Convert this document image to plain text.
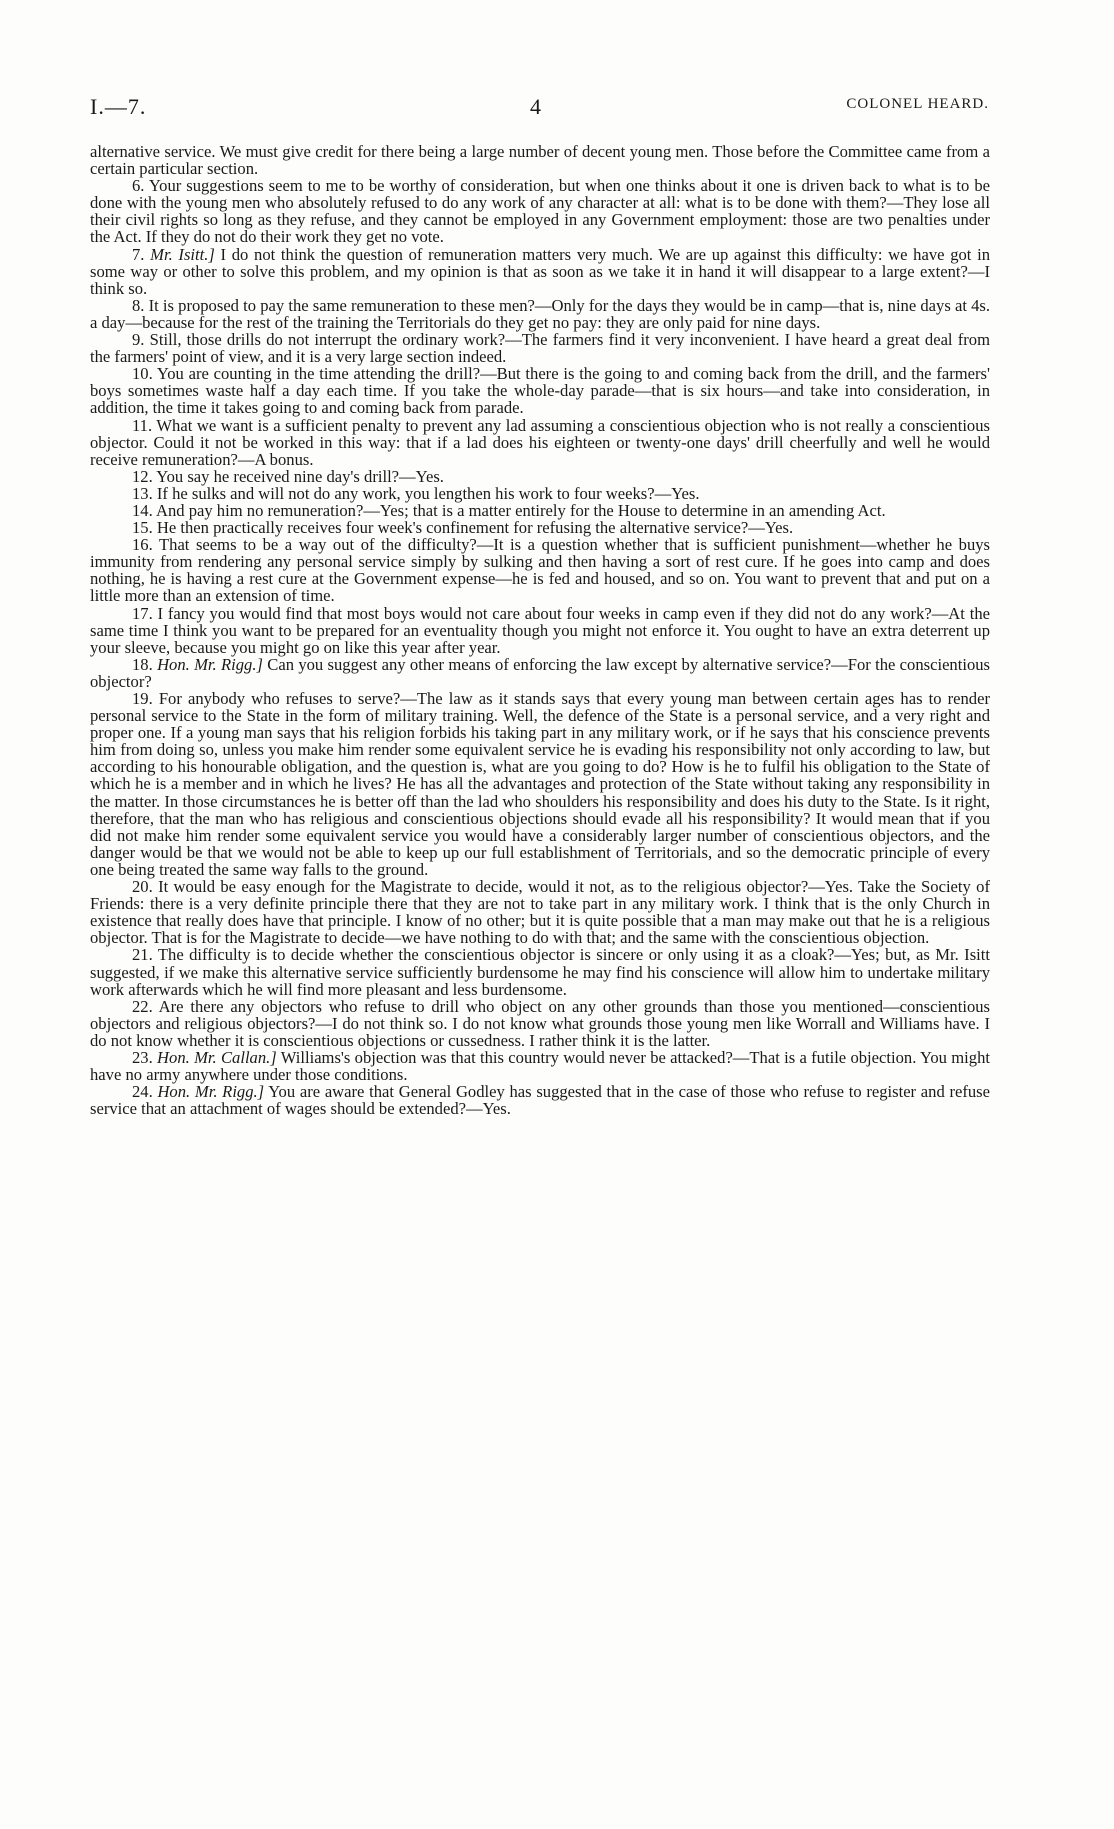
I.—7.	4	COLONEL HEARD.

alternative service. We must give credit for there being a large number of decent young men. Those before the Committee came from a certain particular section.

6. Your suggestions seem to me to be worthy of consideration, but when one thinks about it one is driven back to what is to be done with the young men who absolutely refused to do any work of any character at all: what is to be done with them?—They lose all their civil rights so long as they refuse, and they cannot be employed in any Government employment: those are two penalties under the Act. If they do not do their work they get no vote.

7. Mr. Isitt.] I do not think the question of remuneration matters very much. We are up against this difficulty: we have got in some way or other to solve this problem, and my opinion is that as soon as we take it in hand it will disappear to a large extent?—I think so.

8. It is proposed to pay the same remuneration to these men?—Only for the days they would be in camp—that is, nine days at 4s. a day—because for the rest of the training the Territorials do they get no pay: they are only paid for nine days.

9. Still, those drills do not interrupt the ordinary work?—The farmers find it very inconvenient. I have heard a great deal from the farmers' point of view, and it is a very large section indeed.

10. You are counting in the time attending the drill?—But there is the going to and coming back from the drill, and the farmers' boys sometimes waste half a day each time. If you take the whole-day parade—that is six hours—and take into consideration, in addition, the time it takes going to and coming back from parade.

11. What we want is a sufficient penalty to prevent any lad assuming a conscientious objection who is not really a conscientious objector. Could it not be worked in this way: that if a lad does his eighteen or twenty-one days' drill cheerfully and well he would receive remuneration?—A bonus.

12. You say he received nine day's drill?—Yes.

13. If he sulks and will not do any work, you lengthen his work to four weeks?—Yes.

14. And pay him no remuneration?—Yes; that is a matter entirely for the House to determine in an amending Act.

15. He then practically receives four week's confinement for refusing the alternative service?—Yes.

16. That seems to be a way out of the difficulty?—It is a question whether that is sufficient punishment—whether he buys immunity from rendering any personal service simply by sulking and then having a sort of rest cure. If he goes into camp and does nothing, he is having a rest cure at the Government expense—he is fed and housed, and so on. You want to prevent that and put on a little more than an extension of time.

17. I fancy you would find that most boys would not care about four weeks in camp even if they did not do any work?—At the same time I think you want to be prepared for an eventuality though you might not enforce it. You ought to have an extra deterrent up your sleeve, because you might go on like this year after year.

18. Hon. Mr. Rigg.] Can you suggest any other means of enforcing the law except by alternative service?—For the conscientious objector?

19. For anybody who refuses to serve?—The law as it stands says that every young man between certain ages has to render personal service to the State in the form of military training. Well, the defence of the State is a personal service, and a very right and proper one. If a young man says that his religion forbids his taking part in any military work, or if he says that his conscience prevents him from doing so, unless you make him render some equivalent service he is evading his responsibility not only according to law, but according to his honourable obligation, and the question is, what are you going to do? How is he to fulfil his obligation to the State of which he is a member and in which he lives? He has all the advantages and protection of the State without taking any responsibility in the matter. In those circumstances he is better off than the lad who shoulders his responsibility and does his duty to the State. Is it right, therefore, that the man who has religious and conscientious objections should evade all his responsibility? It would mean that if you did not make him render some equivalent service you would have a considerably larger number of conscientious objectors, and the danger would be that we would not be able to keep up our full establishment of Territorials, and so the democratic principle of every one being treated the same way falls to the ground.

20. It would be easy enough for the Magistrate to decide, would it not, as to the religious objector?—Yes. Take the Society of Friends: there is a very definite principle there that they are not to take part in any military work. I think that is the only Church in existence that really does have that principle. I know of no other; but it is quite possible that a man may make out that he is a religious objector. That is for the Magistrate to decide—we have nothing to do with that; and the same with the conscientious objection.

21. The difficulty is to decide whether the conscientious objector is sincere or only using it as a cloak?—Yes; but, as Mr. Isitt suggested, if we make this alternative service sufficiently burdensome he may find his conscience will allow him to undertake military work afterwards which he will find more pleasant and less burdensome.

22. Are there any objectors who refuse to drill who object on any other grounds than those you mentioned—conscientious objectors and religious objectors?—I do not think so. I do not know what grounds those young men like Worrall and Williams have. I do not know whether it is conscientious objections or cussedness. I rather think it is the latter.

23. Hon. Mr. Callan.] Williams's objection was that this country would never be attacked?—That is a futile objection. You might have no army anywhere under those conditions.

24. Hon. Mr. Rigg.] You are aware that General Godley has suggested that in the case of those who refuse to register and refuse service that an attachment of wages should be extended?—Yes.
